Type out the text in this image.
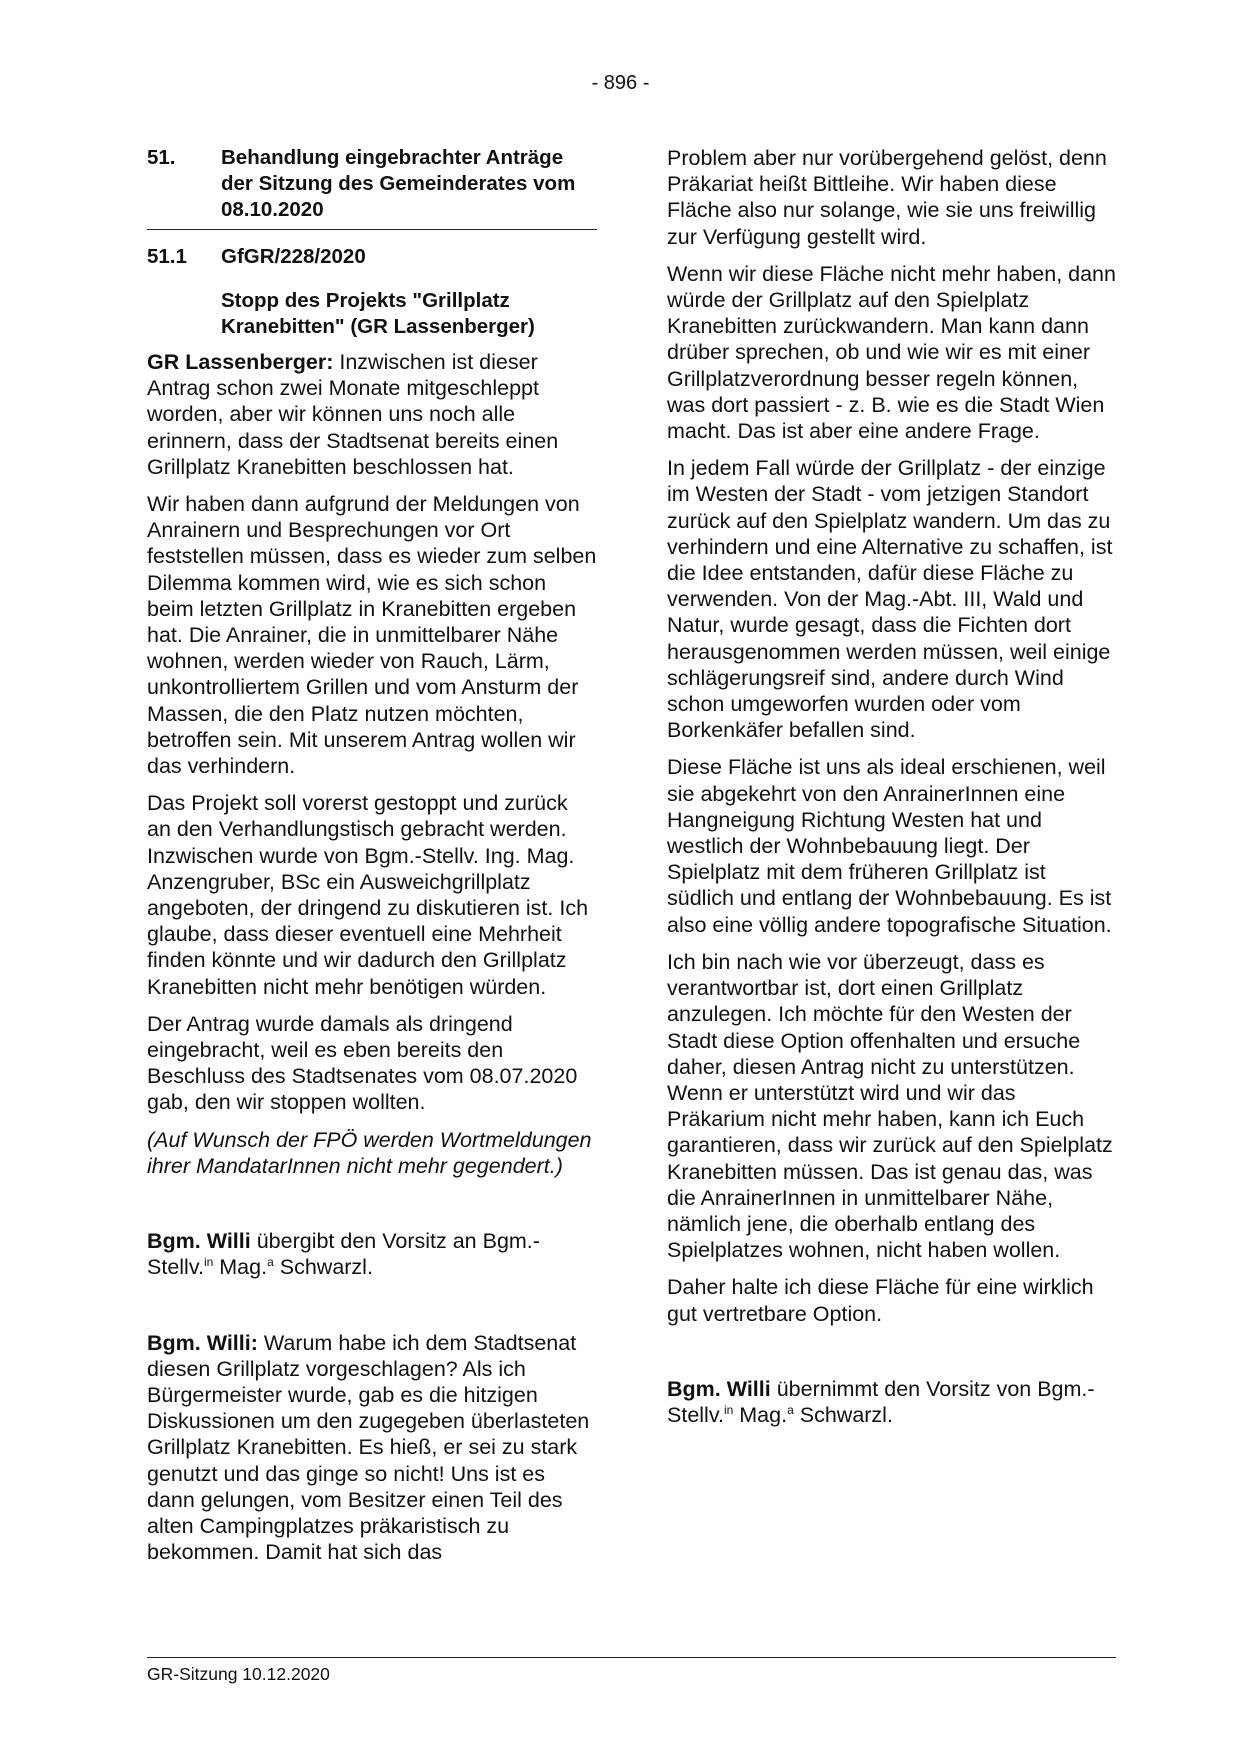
- 896 -
51.	Behandlung eingebrachter Anträge der Sitzung des Gemeinderates vom 08.10.2020
51.1	GfGR/228/2020
Stopp des Projekts "Grillplatz Kranebitten" (GR Lassenberger)

GR Lassenberger: Inzwischen ist dieser Antrag schon zwei Monate mitgeschleppt worden, aber wir können uns noch alle erinnern, dass der Stadtsenat bereits einen Grillplatz Kranebitten beschlossen hat.

Wir haben dann aufgrund der Meldungen von Anrainern und Besprechungen vor Ort feststellen müssen, dass es wieder zum selben Dilemma kommen wird, wie es sich schon beim letzten Grillplatz in Kranebitten ergeben hat. Die Anrainer, die in unmittelbarer Nähe wohnen, werden wieder von Rauch, Lärm, unkontrolliertem Grillen und vom Ansturm der Massen, die den Platz nutzen möchten, betroffen sein. Mit unserem Antrag wollen wir das verhindern.

Das Projekt soll vorerst gestoppt und zurück an den Verhandlungstisch gebracht werden. Inzwischen wurde von Bgm.-Stellv. Ing. Mag. Anzengruber, BSc ein Ausweichgrillplatz angeboten, der dringend zu diskutieren ist. Ich glaube, dass dieser eventuell eine Mehrheit finden könnte und wir dadurch den Grillplatz Kranebitten nicht mehr benötigen würden.

Der Antrag wurde damals als dringend eingebracht, weil es eben bereits den Beschluss des Stadtsenates vom 08.07.2020 gab, den wir stoppen wollten.

(Auf Wunsch der FPÖ werden Wortmeldungen ihrer MandatarInnen nicht mehr gegendert.)

Bgm. Willi übergibt den Vorsitz an Bgm.-Stellv.$^{in}$ Mag.$^a$ Schwarzl.

Bgm. Willi: Warum habe ich dem Stadtsenat diesen Grillplatz vorgeschlagen? Als ich Bürgermeister wurde, gab es die hitzigen Diskussionen um den zugegeben überlasteten Grillplatz Kranebitten. Es hieß, er sei zu stark genutzt und das ginge so nicht! Uns ist es dann gelungen, vom Besitzer einen Teil des alten Campingplatzes präkaristisch zu bekommen. Damit hat sich das

Problem aber nur vorübergehend gelöst, denn Präkariat heißt Bittleihe. Wir haben diese Fläche also nur solange, wie sie uns freiwillig zur Verfügung gestellt wird.

Wenn wir diese Fläche nicht mehr haben, dann würde der Grillplatz auf den Spielplatz Kranebitten zurückwandern. Man kann dann drüber sprechen, ob und wie wir es mit einer Grillplatzverordnung besser regeln können, was dort passiert - z. B. wie es die Stadt Wien macht. Das ist aber eine andere Frage.

In jedem Fall würde der Grillplatz - der einzige im Westen der Stadt - vom jetzigen Standort zurück auf den Spielplatz wandern. Um das zu verhindern und eine Alternative zu schaffen, ist die Idee entstanden, dafür diese Fläche zu verwenden. Von der Mag.-Abt. III, Wald und Natur, wurde gesagt, dass die Fichten dort herausgenommen werden müssen, weil einige schlägerungsreif sind, andere durch Wind schon umgeworfen wurden oder vom Borkenkäfer befallen sind.

Diese Fläche ist uns als ideal erschienen, weil sie abgekehrt von den AnrainerInnen eine Hangneigung Richtung Westen hat und westlich der Wohnbebauung liegt. Der Spielplatz mit dem früheren Grillplatz ist südlich und entlang der Wohnbebauung. Es ist also eine völlig andere topografische Situation.

Ich bin nach wie vor überzeugt, dass es verantwortbar ist, dort einen Grillplatz anzulegen. Ich möchte für den Westen der Stadt diese Option offenhalten und ersuche daher, diesen Antrag nicht zu unterstützen. Wenn er unterstützt wird und wir das Präkarium nicht mehr haben, kann ich Euch garantieren, dass wir zurück auf den Spielplatz Kranebitten müssen. Das ist genau das, was die AnrainerInnen in unmittelbarer Nähe, nämlich jene, die oberhalb entlang des Spielplatzes wohnen, nicht haben wollen.

Daher halte ich diese Fläche für eine wirklich gut vertretbare Option.

Bgm. Willi übernimmt den Vorsitz von Bgm.-Stellv.$^{in}$ Mag.$^a$ Schwarzl.

GR-Sitzung 10.12.2020
